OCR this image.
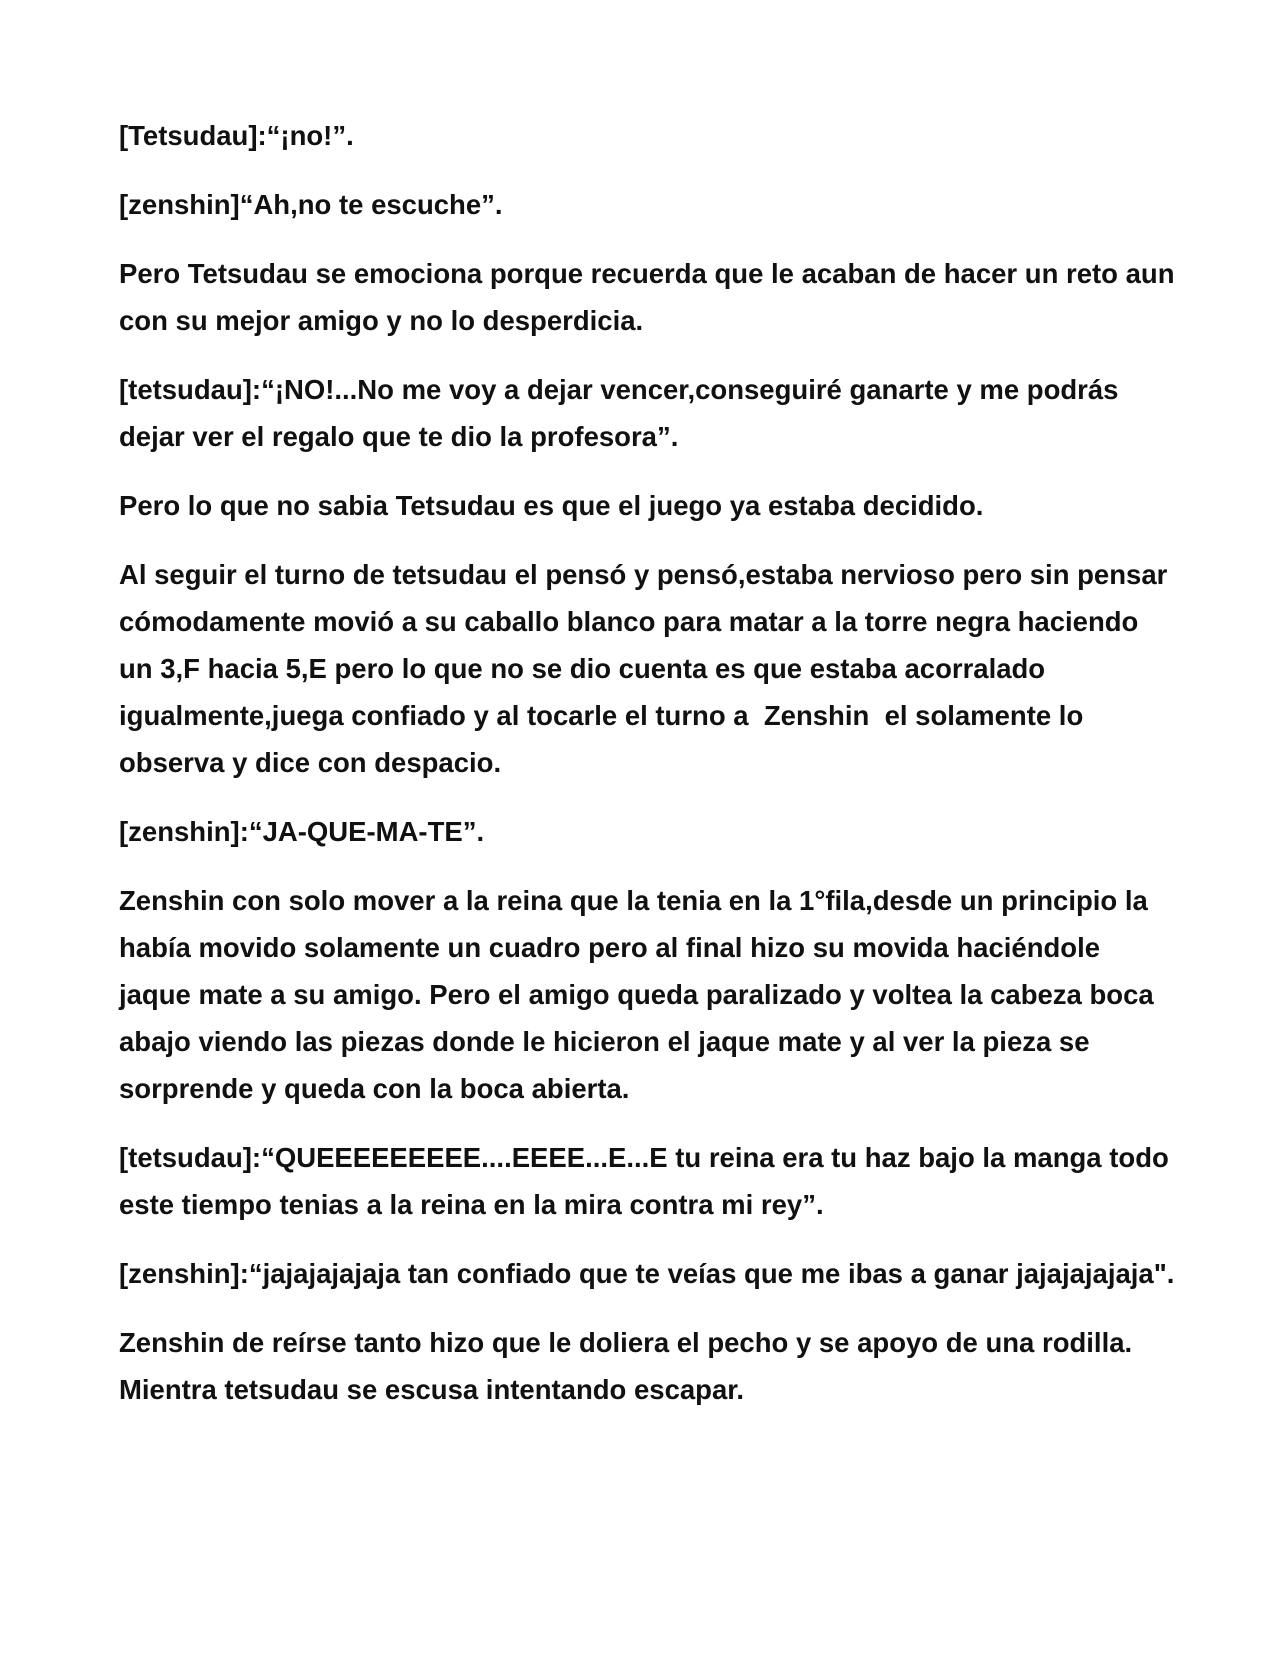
[Tetsudau]:“¡no!”.

[zenshin]“Ah,no te escuche”.

Pero Tetsudau se emociona porque recuerda que le acaban de hacer un reto aun con su mejor amigo y no lo desperdicia.

[tetsudau]:“¡NO!...No me voy a dejar vencer,conseguiré ganarte y me podrás dejar ver el regalo que te dio la profesora”.

Pero lo que no sabia Tetsudau es que el juego ya estaba decidido.

Al seguir el turno de tetsudau el pensó y pensó,estaba nervioso pero sin pensar cómodamente movió a su caballo blanco para matar a la torre negra haciendo un 3,F hacia 5,E pero lo que no se dio cuenta es que estaba acorralado igualmente,juega confiado y al tocarle el turno a  Zenshin  el solamente lo observa y dice con despacio.

[zenshin]:“JA-QUE-MA-TE”.

Zenshin con solo mover a la reina que la tenia en la 1°fila,desde un principio la había movido solamente un cuadro pero al final hizo su movida haciéndole jaque mate a su amigo. Pero el amigo queda paralizado y voltea la cabeza boca abajo viendo las piezas donde le hicieron el jaque mate y al ver la pieza se sorprende y queda con la boca abierta.

[tetsudau]:“QUEEEEEEEEE....EEEE...E...E tu reina era tu haz bajo la manga todo este tiempo tenias a la reina en la mira contra mi rey”.

[zenshin]:“jajajajajaja tan confiado que te veías que me ibas a ganar jajajajajaja".

Zenshin de reírse tanto hizo que le doliera el pecho y se apoyo de una rodilla. Mientra tetsudau se escusa intentando escapar.
